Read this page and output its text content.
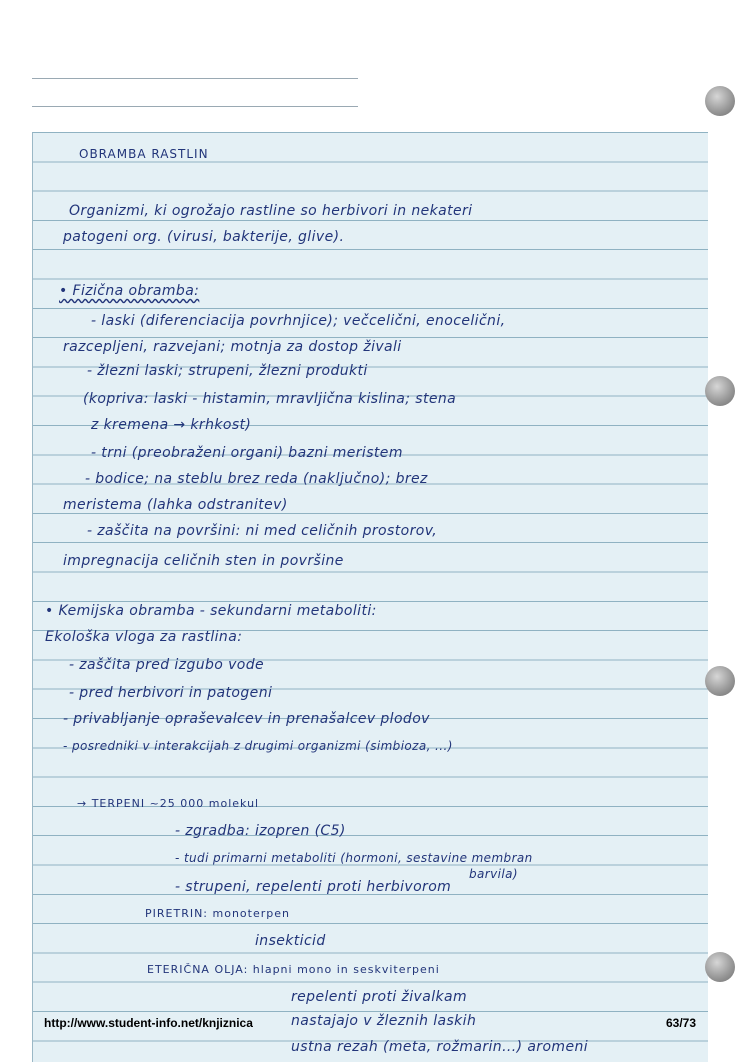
OBRAMBA RASTLIN
Organizmi, ki ogrožajo rastline so herbivori in nekateri
patogeni org. (virusi, bakterije, glive).
• Fizična obramba:
- laski (diferenciacija povrhnjice); večcelični, enocelični,
razcepljeni, razvejani; motnja za dostop živali
- žlezni laski; strupeni, žlezni produkti
(kopriva: laski - histamin, mravljična kislina; stena
z kremena → krhkost)
- trni (preobraženi organi) bazni meristem
- bodice; na steblu brez reda (naključno); brez
meristema (lahka odstranitev)
- zaščita na površini: ni med celičnih prostorov,
impregnacija celičnih sten in površine
• Kemijska obramba - sekundarni metaboliti:
Ekološka vloga za rastlina:
- zaščita pred izgubo vode
- pred herbivori in patogeni
- privabljanje opraševalcev in prenašalcev plodov
- posredniki v interakcijah z drugimi organizmi (simbioza, ...)
→ TERPENI ~25 000 molekul
- zgradba: izopren (C5)
- tudi primarni metaboliti (hormoni, sestavine membran
barvila)
- strupeni, repelenti proti herbivorom
PIRETRIN: monoterpen
insekticid
ETERIČNA OLJA: hlapni mono in seskviterpeni
repelenti proti živalkam
nastajajo v žleznih laskih
ustna rezah (meta, rožmarin...) aromeni
http://www.student-info.net/knjiznica	63/73
